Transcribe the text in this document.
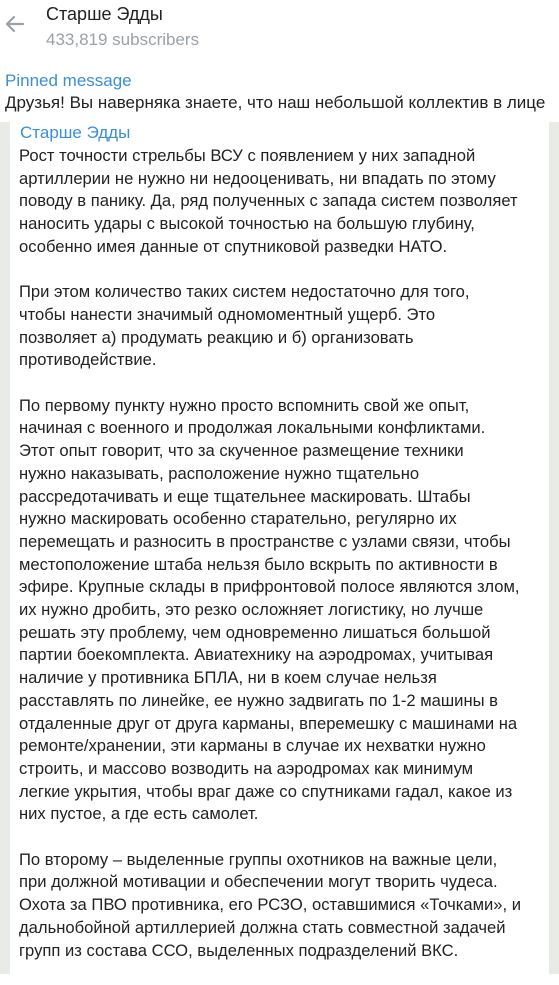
Старше Эдды
433,819 subscribers
Pinned message
Друзья! Вы наверняка знаете, что наш небольшой коллектив в лице
Старше Эдды
Рост точности стрельбы ВСУ с появлением у них западной
артиллерии не нужно ни недооценивать, ни впадать по этому
поводу в панику. Да, ряд полученных с запада систем позволяет
наносить удары с высокой точностью на большую глубину,
особенно имея данные от спутниковой разведки НАТО.
При этом количество таких систем недостаточно для того,
чтобы нанести значимый одномоментный ущерб. Это
позволяет а) продумать реакцию и б) организовать
противодействие.
По первому пункту нужно просто вспомнить свой же опыт,
начиная с военного и продолжая локальными конфликтами.
Этот опыт говорит, что за скученное размещение техники
нужно наказывать, расположение нужно тщательно
рассредотачивать и еще тщательнее маскировать. Штабы
нужно маскировать особенно старательно, регулярно их
перемещать и разносить в пространстве с узлами связи, чтобы
местоположение штаба нельзя было вскрыть по активности в
эфире. Крупные склады в прифронтовой полосе являются злом,
их нужно дробить, это резко осложняет логистику, но лучше
решать эту проблему, чем одновременно лишаться большой
партии боекомплекта. Авиатехнику на аэродромах, учитывая
наличие у противника БПЛА, ни в коем случае нельзя
расставлять по линейке, ее нужно задвигать по 1-2 машины в
отдаленные друг от друга карманы, вперемешку с машинами на
ремонте/хранении, эти карманы в случае их нехватки нужно
строить, и массово возводить на аэродромах как минимум
легкие укрытия, чтобы враг даже со спутниками гадал, какое из
них пустое, а где есть самолет.
По второму – выделенные группы охотников на важные цели,
при должной мотивации и обеспечении могут творить чудеса.
Охота за ПВО противника, его РСЗО, оставшимися «Точками», и
дальнобойной артиллерией должна стать совместной задачей
групп из состава ССО, выделенных подразделений ВКС.
